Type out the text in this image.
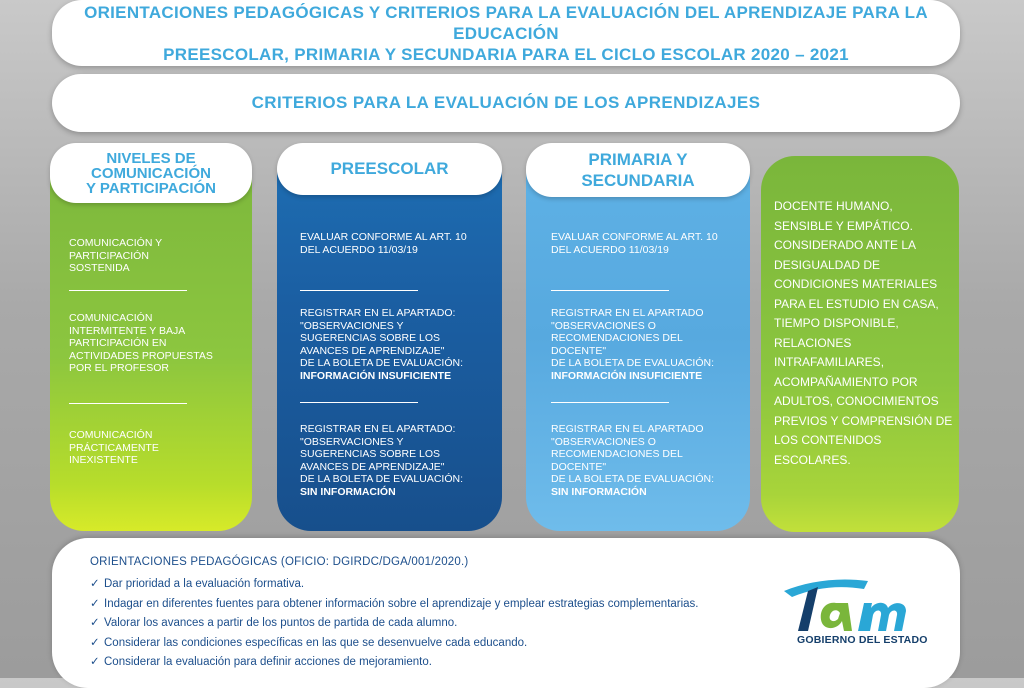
ORIENTACIONES PEDAGÓGICAS Y CRITERIOS PARA LA EVALUACIÓN DEL APRENDIZAJE PARA LA EDUCACIÓN
PREESCOLAR, PRIMARIA Y SECUNDARIA PARA EL CICLO ESCOLAR 2020 – 2021
CRITERIOS PARA LA EVALUACIÓN DE LOS APRENDIZAJES
NIVELES DE
COMUNICACIÓN
Y PARTICIPACIÓN
PREESCOLAR	PRIMARIA Y
SECUNDARIA
COMUNICACIÓN Y
PARTICIPACIÓN
SOSTENIDA
COMUNICACIÓN
INTERMITENTE Y BAJA
PARTICIPACIÓN EN
ACTIVIDADES PROPUESTAS
POR EL PROFESOR
COMUNICACIÓN
PRÁCTICAMENTE
INEXISTENTE
EVALUAR CONFORME AL ART. 10
DEL ACUERDO 11/03/19
REGISTRAR EN EL APARTADO:
"OBSERVACIONES Y
SUGERENCIAS SOBRE LOS
AVANCES DE APRENDIZAJE"
DE LA BOLETA DE EVALUACIÓN:
INFORMACIÓN INSUFICIENTE
REGISTRAR EN EL APARTADO:
"OBSERVACIONES Y
SUGERENCIAS SOBRE LOS
AVANCES DE APRENDIZAJE"
DE LA BOLETA DE EVALUACIÓN:
SIN INFORMACIÓN
EVALUAR CONFORME AL ART. 10
DEL ACUERDO 11/03/19
REGISTRAR EN EL APARTADO
"OBSERVACIONES O
RECOMENDACIONES DEL
DOCENTE"
DE LA BOLETA DE EVALUACIÓN:
INFORMACIÓN INSUFICIENTE
REGISTRAR EN EL APARTADO
"OBSERVACIONES O
RECOMENDACIONES DEL
DOCENTE"
DE LA BOLETA DE EVALUACIÓN:
SIN INFORMACIÓN
DOCENTE HUMANO, SENSIBLE Y EMPÁTICO. CONSIDERADO ANTE LA DESIGUALDAD DE CONDICIONES MATERIALES PARA EL ESTUDIO EN CASA, TIEMPO DISPONIBLE, RELACIONES INTRAFAMILIARES, ACOMPAÑAMIENTO POR ADULTOS, CONOCIMIENTOS PREVIOS Y COMPRENSIÓN DE LOS CONTENIDOS ESCOLARES.
ORIENTACIONES PEDAGÓGICAS (OFICIO: DGIRDC/DGA/001/2020.)
✓ Dar prioridad a la evaluación formativa.
✓ Indagar en diferentes fuentes para obtener información sobre el aprendizaje y emplear estrategias complementarias.
✓ Valorar los avances a partir de los puntos de partida de cada alumno.
✓ Considerar las condiciones específicas en las que se desenvuelve cada educando.
✓ Considerar la evaluación para definir acciones de mejoramiento.
GOBIERNO DEL ESTADO
